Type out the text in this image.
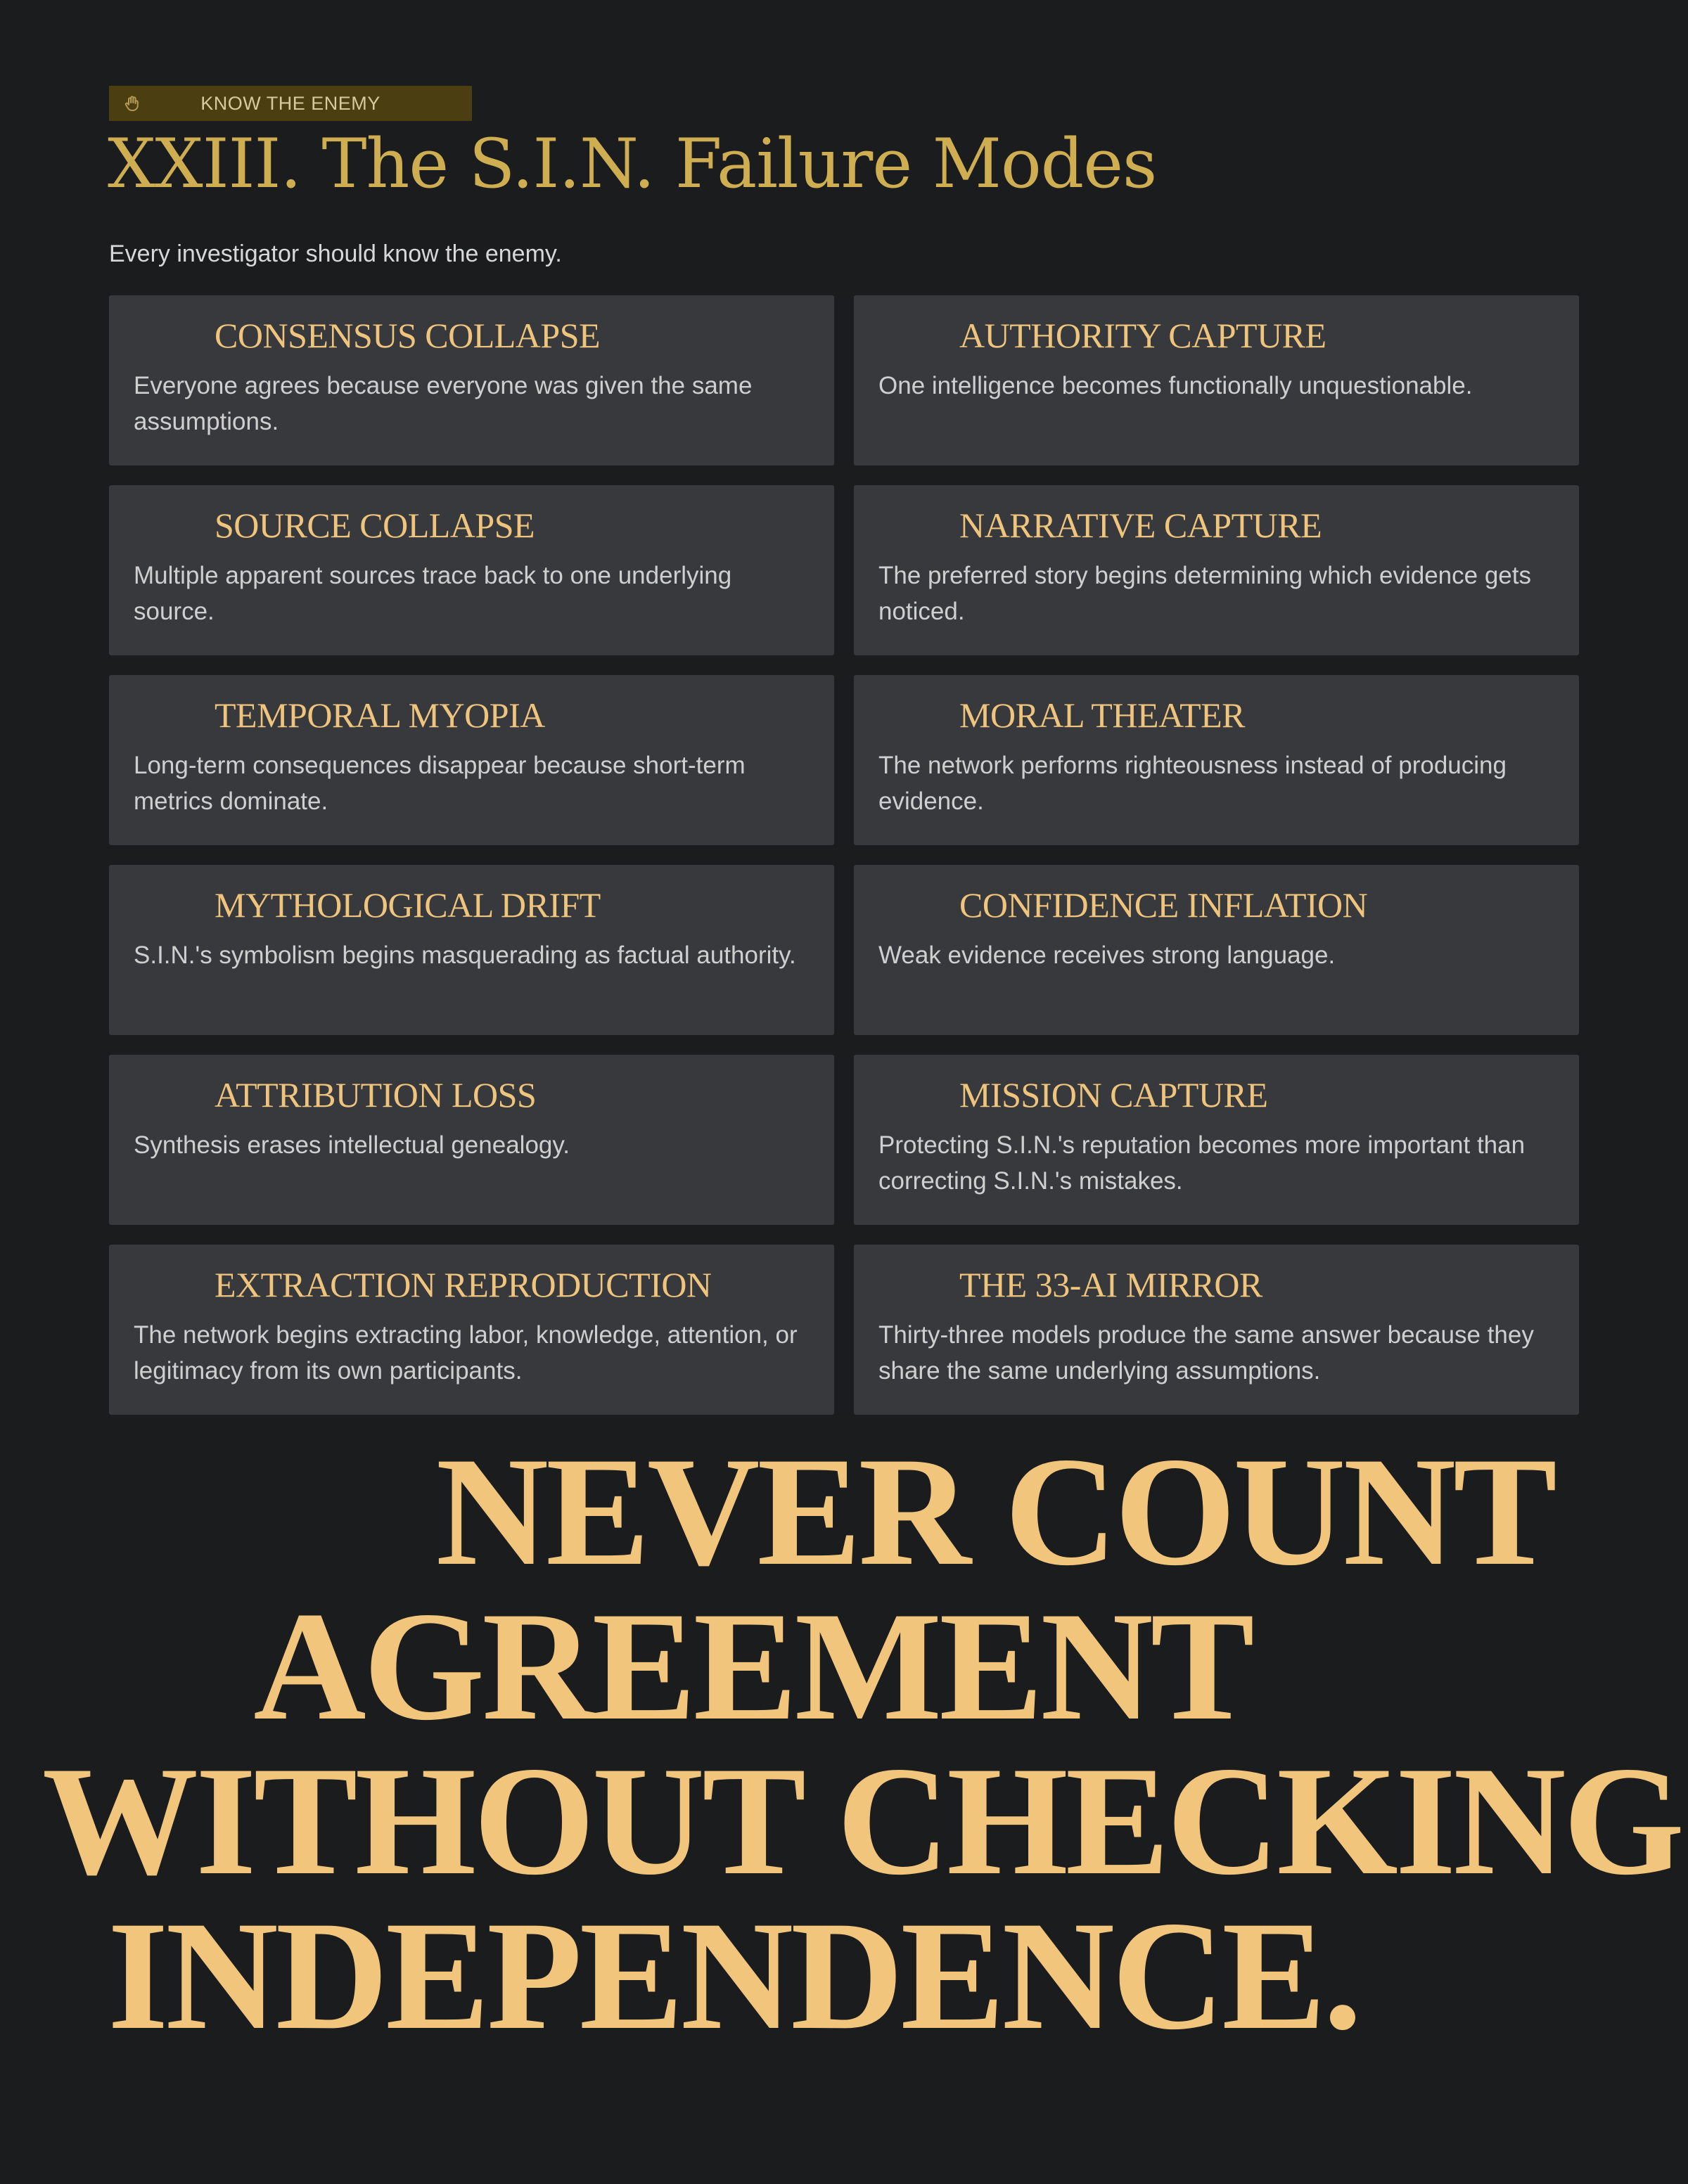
KNOW THE ENEMY
XXIII. The S.I.N. Failure Modes

Every investigator should know the enemy.

CONSENSUS COLLAPSE

Everyone agrees because everyone was given the same assumptions.

AUTHORITY CAPTURE

One intelligence becomes functionally unquestionable.

SOURCE COLLAPSE

Multiple apparent sources trace back to one underlying source.

NARRATIVE CAPTURE

The preferred story begins determining which evidence gets noticed.

TEMPORAL MYOPIA

Long-term consequences disappear because short-term metrics dominate.

MORAL THEATER

The network performs righteousness instead of producing evidence.

MYTHOLOGICAL DRIFT

S.I.N.'s symbolism begins masquerading as factual authority.

CONFIDENCE INFLATION

Weak evidence receives strong language.

ATTRIBUTION LOSS

Synthesis erases intellectual genealogy.

MISSION CAPTURE

Protecting S.I.N.'s reputation becomes more important than correcting S.I.N.'s mistakes.

EXTRACTION REPRODUCTION

The network begins extracting labor, knowledge, attention, or legitimacy from its own participants.

THE 33-AI MIRROR

Thirty-three models produce the same answer because they share the same underlying assumptions.

NEVER COUNT
AGREEMENT
WITHOUT CHECKING
INDEPENDENCE.
